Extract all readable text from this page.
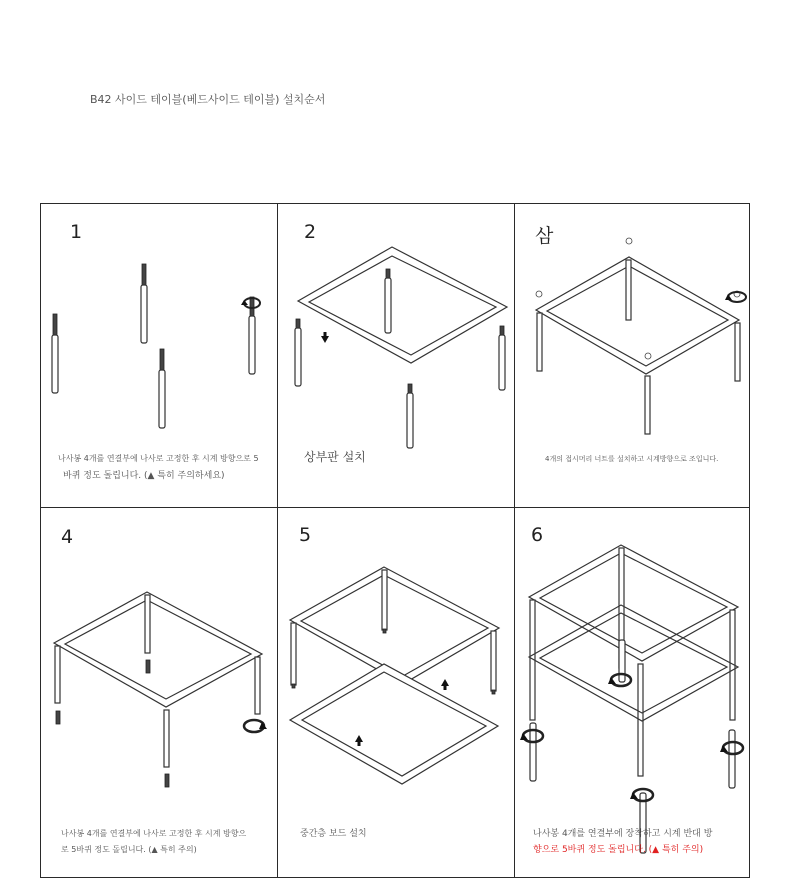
B42 사이드 테이블(베드사이드 테이블) 설치순서
1
나사봉 4개를 연결부에 나사로 고정한 후 시계 방향으로 5
바퀴 정도 돌립니다. (▲ 특히 주의하세요)
2
상부판 설치
삼
4개의 접시머리 너트를 설치하고 시계방향으로 조입니다.
4
나사봉 4개를 연결부에 나사로 고정한 후 시계 방향으
로 5바퀴 정도 돌립니다. (▲ 특히 주의)
5
중간층 보드 설치
6
나사봉 4개를 연결부에 장착하고 시계 반대 방
향으로 5바퀴 정도 돌립니다. (▲ 특히 주의)
